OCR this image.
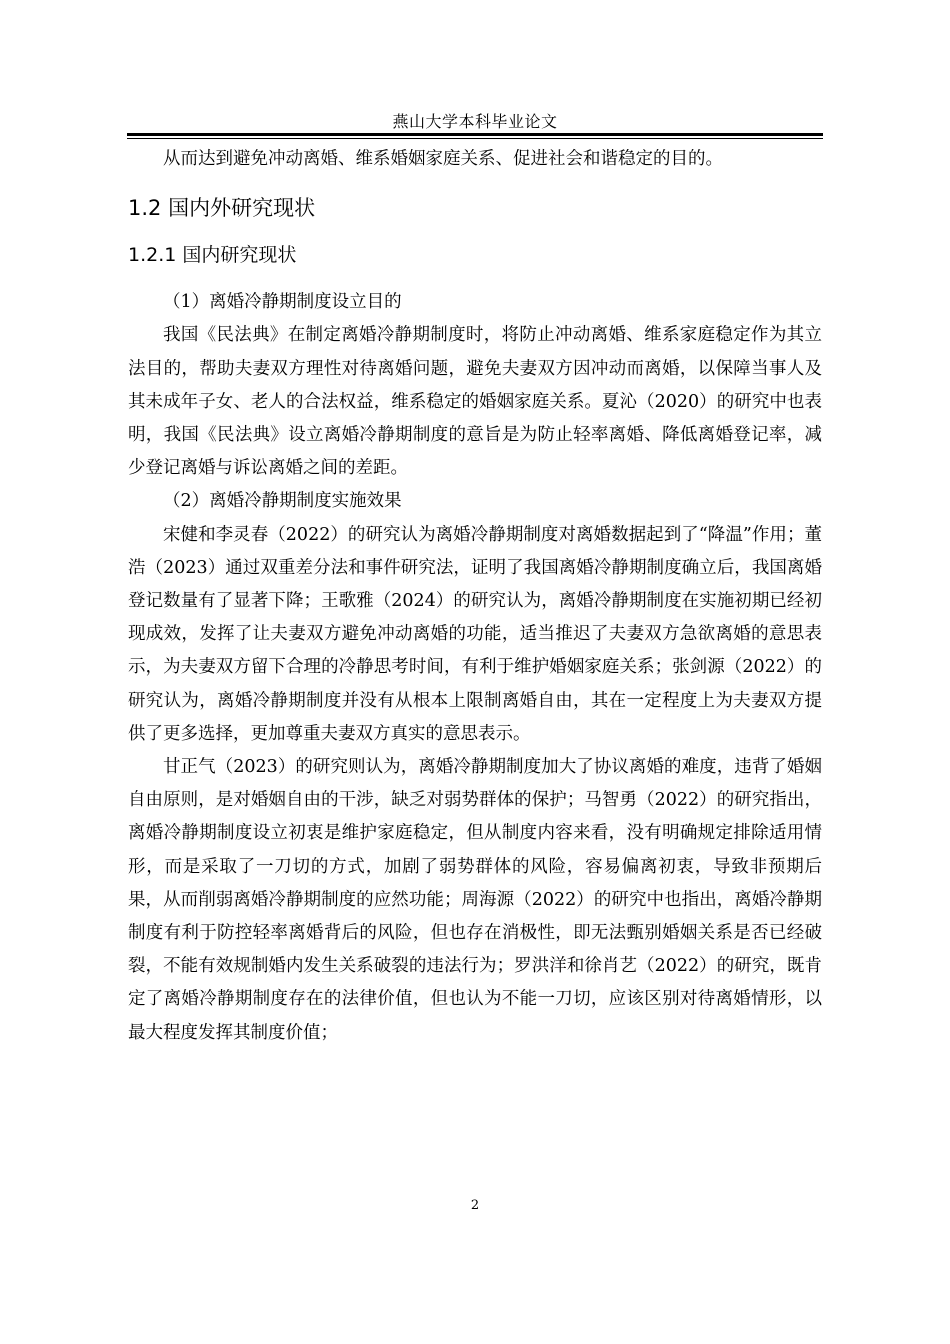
燕山大学本科毕业论文

从而达到避免冲动离婚、维系婚姻家庭关系、促进社会和谐稳定的目的。

1.2 国内外研究现状
1.2.1 国内研究现状

（1）离婚冷静期制度设立目的

我国《民法典》在制定离婚冷静期制度时，将防止冲动离婚、维系家庭稳定作为其立法目的，帮助夫妻双方理性对待离婚问题，避免夫妻双方因冲动而离婚，以保障当事人及其未成年子女、老人的合法权益，维系稳定的婚姻家庭关系。夏沁（2020）的研究中也表明，我国《民法典》设立离婚冷静期制度的意旨是为防止轻率离婚、降低离婚登记率，减少登记离婚与诉讼离婚之间的差距。

（2）离婚冷静期制度实施效果

宋健和李灵春（2022）的研究认为离婚冷静期制度对离婚数据起到了“降温”作用；董浩（2023）通过双重差分法和事件研究法，证明了我国离婚冷静期制度确立后，我国离婚登记数量有了显著下降；王歌雅（2024）的研究认为，离婚冷静期制度在实施初期已经初现成效，发挥了让夫妻双方避免冲动离婚的功能，适当推迟了夫妻双方急欲离婚的意思表示，为夫妻双方留下合理的冷静思考时间，有利于维护婚姻家庭关系；张剑源（2022）的研究认为，离婚冷静期制度并没有从根本上限制离婚自由，其在一定程度上为夫妻双方提供了更多选择，更加尊重夫妻双方真实的意思表示。

甘正气（2023）的研究则认为，离婚冷静期制度加大了协议离婚的难度，违背了婚姻自由原则，是对婚姻自由的干涉，缺乏对弱势群体的保护；马智勇（2022）的研究指出，离婚冷静期制度设立初衷是维护家庭稳定，但从制度内容来看，没有明确规定排除适用情形，而是采取了一刀切的方式，加剧了弱势群体的风险，容易偏离初衷，导致非预期后果，从而削弱离婚冷静期制度的应然功能；周海源（2022）的研究中也指出，离婚冷静期制度有利于防控轻率离婚背后的风险，但也存在消极性，即无法甄别婚姻关系是否已经破裂，不能有效规制婚内发生关系破裂的违法行为；罗洪洋和徐肖艺（2022）的研究，既肯定了离婚冷静期制度存在的法律价值，但也认为不能一刀切，应该区别对待离婚情形，以最大程度发挥其制度价值；

2
